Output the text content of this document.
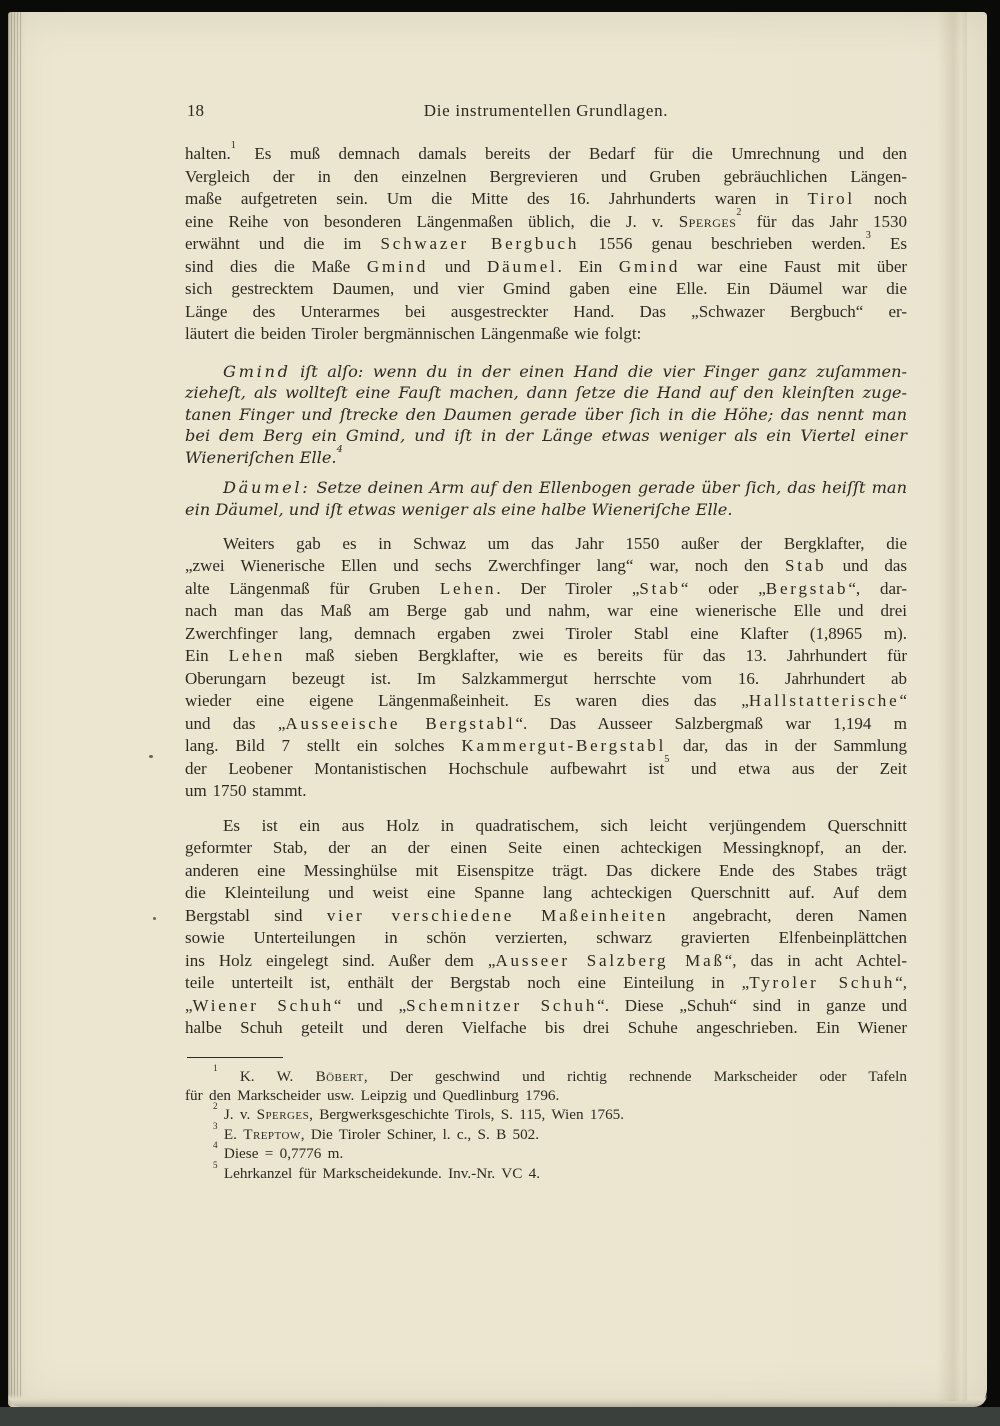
18	Die instrumentellen Grundlagen.
halten.$^1$ Es muß demnach damals bereits der Bedarf für die Umrechnung und den
Vergleich der in den einzelnen Bergrevieren und Gruben gebräuchlichen Längen-
maße aufgetreten sein. Um die Mitte des 16. Jahrhunderts waren in Tirol noch
eine Reihe von besonderen Längenmaßen üblich, die J. v. Sperges$^2$ für das Jahr 1530
erwähnt und die im Schwazer Bergbuch 1556 genau beschrieben werden.$^3$ Es
sind dies die Maße Gmind und Däumel. Ein Gmind war eine Faust mit über
sich gestrecktem Daumen, und vier Gmind gaben eine Elle. Ein Däumel war die
Länge des Unterarmes bei ausgestreckter Hand. Das „Schwazer Bergbuch“ er-
läutert die beiden Tiroler bergmännischen Längenmaße wie folgt:
Gmind iſt alſo: wenn du in der einen Hand die vier Finger ganz zuſammen-
zieheſt, als wollteſt eine Fauſt machen, dann ſetze die Hand auf den kleinſten zuge-
tanen Finger und ſtrecke den Daumen gerade über ſich in die Höhe; das nennt man
bei dem Berg ein Gmind, und iſt in der Länge etwas weniger als ein Viertel einer
Wieneriſchen Elle.$^4$
Däumel: Setze deinen Arm auf den Ellenbogen gerade über ſich, das heiſſt man
ein Däumel, und iſt etwas weniger als eine halbe Wieneriſche Elle.
Weiters gab es in Schwaz um das Jahr 1550 außer der Bergklafter, die
„zwei Wienerische Ellen und sechs Zwerchfinger lang“ war, noch den Stab und das
alte Längenmaß für Gruben Lehen. Der Tiroler „Stab“ oder „Bergstab“, dar-
nach man das Maß am Berge gab und nahm, war eine wienerische Elle und drei
Zwerchfinger lang, demnach ergaben zwei Tiroler Stabl eine Klafter (1,8965 m).
Ein Lehen maß sieben Bergklafter, wie es bereits für das 13. Jahrhundert für
Oberungarn bezeugt ist. Im Salzkammergut herrschte vom 16. Jahrhundert ab
wieder eine eigene Längenmaßeinheit. Es waren dies das „Hallstatterische“
und das „Ausseeische Bergstabl“. Das Ausseer Salzbergmaß war 1,194 m
lang. Bild 7 stellt ein solches Kammergut-Bergstabl dar, das in der Sammlung
der Leobener Montanistischen Hochschule aufbewahrt ist$^5$ und etwa aus der Zeit
um 1750 stammt.
Es ist ein aus Holz in quadratischem, sich leicht verjüngendem Querschnitt
geformter Stab, der an der einen Seite einen achteckigen Messingknopf, an der.
anderen eine Messinghülse mit Eisenspitze trägt. Das dickere Ende des Stabes trägt
die Kleinteilung und weist eine Spanne lang achteckigen Querschnitt auf. Auf dem
Bergstabl sind vier verschiedene Maßeinheiten angebracht, deren Namen
sowie Unterteilungen in schön verzierten, schwarz gravierten Elfenbeinplättchen
ins Holz eingelegt sind. Außer dem „Ausseer Salzberg Maß“, das in acht Achtel-
teile unterteilt ist, enthält der Bergstab noch eine Einteilung in „Tyroler Schuh“,
„Wiener Schuh“ und „Schemnitzer Schuh“. Diese „Schuh“ sind in ganze und
halbe Schuh geteilt und deren Vielfache bis drei Schuhe angeschrieben. Ein Wiener
$^1$ K. W. Böbert, Der geschwind und richtig rechnende Markscheider oder Tafeln
für den Markscheider usw. Leipzig und Quedlinburg 1796.
$^2$ J. v. Sperges, Bergwerksgeschichte Tirols, S. 115, Wien 1765.
$^3$ E. Treptow, Die Tiroler Schiner, l. c., S. B 502.
$^4$ Diese = 0,7776 m.
$^5$ Lehrkanzel für Markscheidekunde. Inv.-Nr. VC 4.
